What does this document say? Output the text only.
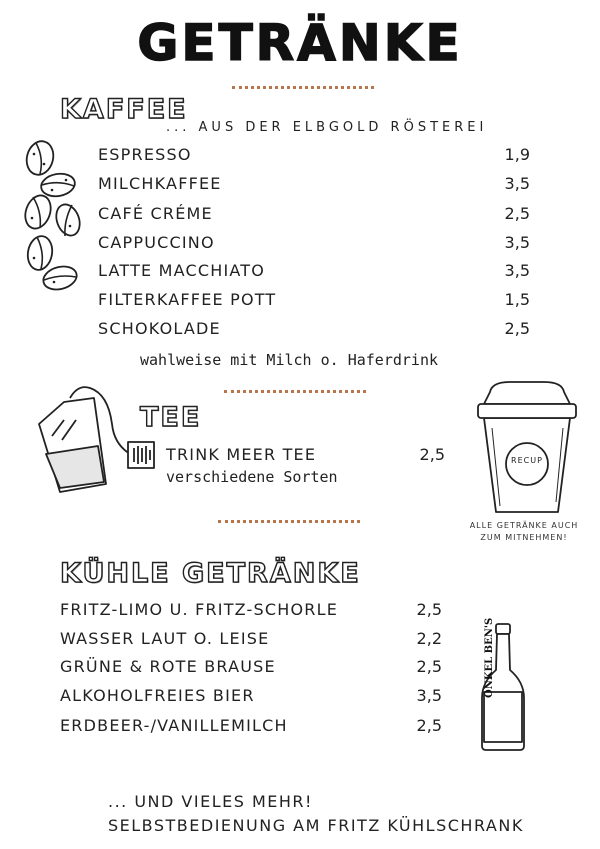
GETRÄNKE
KAFFEE
... AUS DER ELBGOLD RÖSTEREI
ESPRESSO	1,9
MILCHKAFFEE	3,5
CAFÉ CRÉME	2,5
CAPPUCCINO	3,5
LATTE MACCHIATO	3,5
FILTERKAFFEE POTT	1,5
SCHOKOLADE	2,5
wahlweise mit Milch o. Haferdrink
TEE
TRINK MEER TEE	2,5
verschiedene Sorten
RECUP
ALLE GETRÄNKE AUCH
ZUM MITNEHMEN!
KÜHLE GETRÄNKE
FRITZ-LIMO U. FRITZ-SCHORLE	2,5
WASSER LAUT O. LEISE	2,2
GRÜNE & ROTE BRAUSE	2,5
ALKOHOLFREIES BIER	3,5
ERDBEER-/VANILLEMILCH	2,5
ONKEL BEN'S
... UND VIELES MEHR!
SELBSTBEDIENUNG AM FRITZ KÜHLSCHRANK
